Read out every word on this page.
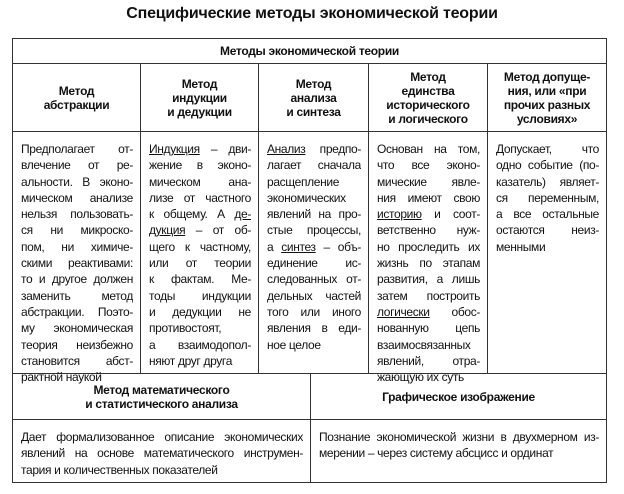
Специфические методы экономической теории
Методы экономической теории
Метод
абстракции
Метод
индукции
и дедукции
Метод
анализа
и синтеза
Метод
единства
исторического
и логического
Метод допуще-
ния, или «при
прочих разных
условиях»
Предполагает от-
влечение от ре-
альности. В эконо-
мическом анализе
нельзя пользовать-
ся ни микроско-
пом, ни химиче-
скими реактивами:
то и другое должен
заменить метод
абстракции. Поэто-
му экономическая
теория неизбежно
становится абст-
рактной наукой
Индукция – дви-
жение в эконо-
мическом ана-
лизе от частного
к общему. А де-
дукция – от об-
щего к частному,
или от теории
к фактам. Ме-
тоды индукции
и дедукции не
противостоят,
а взаимодопол-
няют друг друга
Анализ предпо-
лагает сначала
расщепление
экономических
явлений на про-
стые процессы,
а синтез – объ-
единение ис-
следованных от-
дельных частей
того или иного
явления в еди-
ное целое
Основан на том,
что все эконо-
мические явле-
ния имеют свою
историю и соот-
ветственно нуж-
но проследить их
жизнь по этапам
развития, а лишь
затем построить
логически обос-
нованную цепь
взаимосвязанных
явлений, отра-
жающую их суть
Допускает, что
одно событие (по-
казатель) являет-
ся переменным,
а все остальные
остаются неиз-
менными
Метод математического
и статистического анализа	Графическое изображение
Дает формализованное описание экономических
явлений на основе математического инструмен-
тария и количественных показателей
Познание экономической жизни в двухмерном из-
мерении – через систему абсцисс и ординат
